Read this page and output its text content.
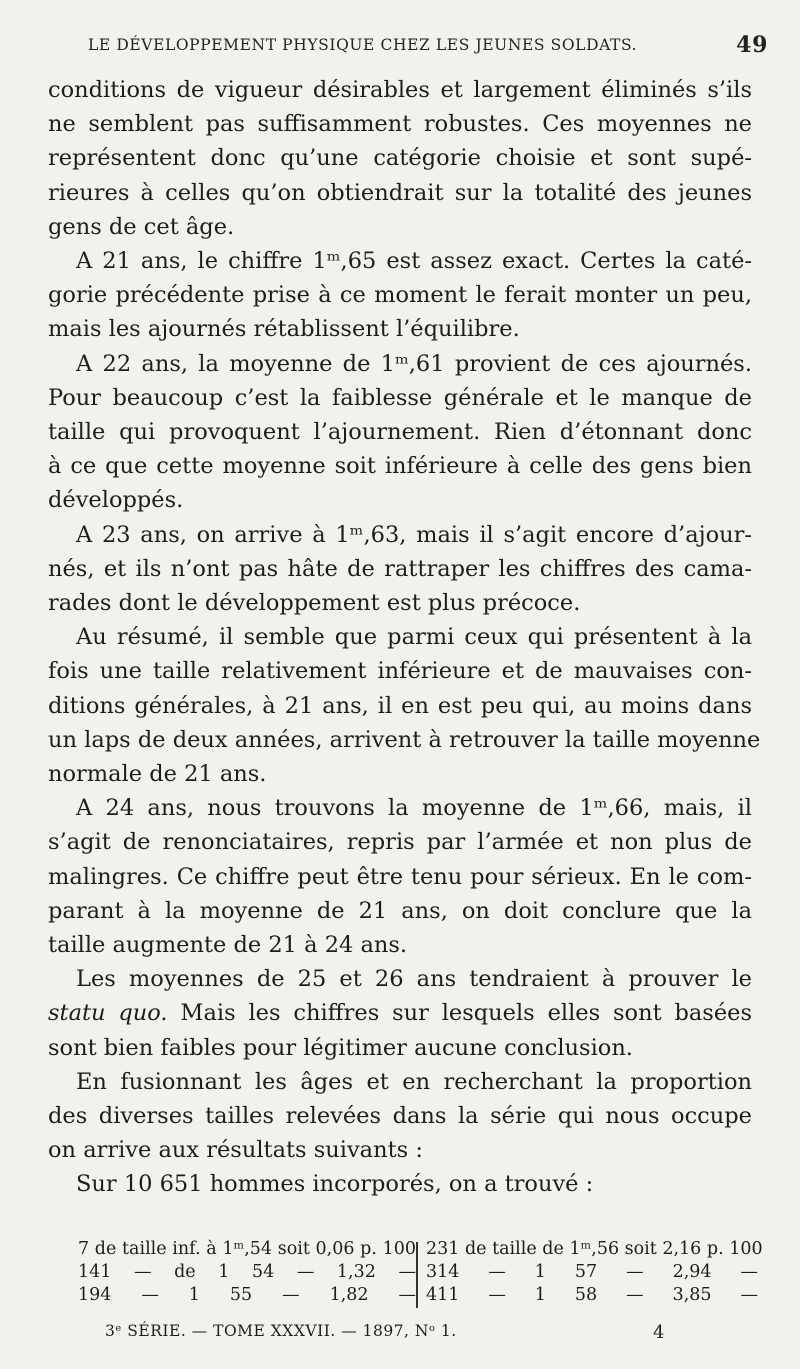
LE DÉVELOPPEMENT PHYSIQUE CHEZ LES JEUNES SOLDATS.	49
conditions de vigueur désirables et largement éliminés s’ils
ne semblent pas suffisamment robustes. Ces moyennes ne
représentent donc qu’une catégorie choisie et sont supé-
rieures à celles qu’on obtiendrait sur la totalité des jeunes
gens de cet âge.
A 21 ans, le chiffre 1ᵐ,65 est assez exact. Certes la caté-
gorie précédente prise à ce moment le ferait monter un peu,
mais les ajournés rétablissent l’équilibre.
A 22 ans, la moyenne de 1ᵐ,61 provient de ces ajournés.
Pour beaucoup c’est la faiblesse générale et le manque de
taille qui provoquent l’ajournement. Rien d’étonnant donc
à ce que cette moyenne soit inférieure à celle des gens bien
développés.
A 23 ans, on arrive à 1ᵐ,63, mais il s’agit encore d’ajour-
nés, et ils n’ont pas hâte de rattraper les chiffres des cama-
rades dont le développement est plus précoce.
Au résumé, il semble que parmi ceux qui présentent à la
fois une taille relativement inférieure et de mauvaises con-
ditions générales, à 21 ans, il en est peu qui, au moins dans
un laps de deux années, arrivent à retrouver la taille moyenne
normale de 21 ans.
A 24 ans, nous trouvons la moyenne de 1ᵐ,66, mais, il
s’agit de renonciataires, repris par l’armée et non plus de
malingres. Ce chiffre peut être tenu pour sérieux. En le com-
parant à la moyenne de 21 ans, on doit conclure que la
taille augmente de 21 à 24 ans.
Les moyennes de 25 et 26 ans tendraient à prouver le
statu quo. Mais les chiffres sur lesquels elles sont basées
sont bien faibles pour légitimer aucune conclusion.
En fusionnant les âges et en recherchant la proportion
des diverses tailles relevées dans la série qui nous occupe
on arrive aux résultats suivants :
Sur 10 651 hommes incorporés, on a trouvé :
7 de taille inf. à 1ᵐ,54 soit 0,06 p. 100 231 de taille de 1ᵐ,56 soit 2,16 p. 100
141 — de 1 54 — 1,32 — 314 — 1 57 — 2,94 —
194 — 1 55 — 1,82 — 411 — 1 58 — 3,85 —
3ᵉ SÉRIE. — TOME XXXVII. — 1897, Nᵒ 1.	4
